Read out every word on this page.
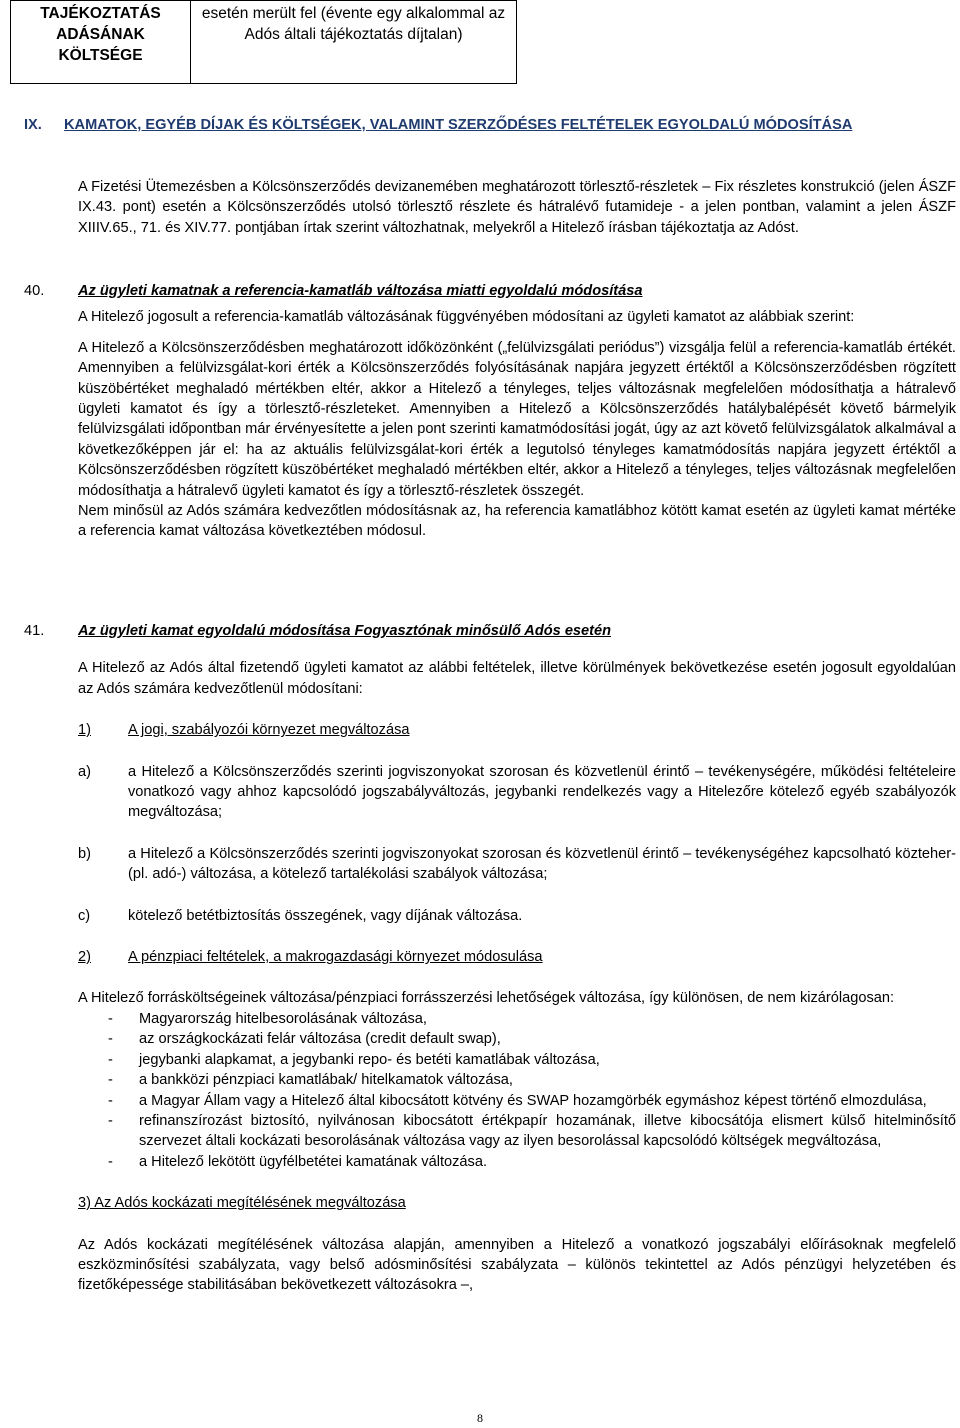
TAJÉKOZTATÁS ADÁSÁNAK KÖLTSÉGE	esetén merült fel (évente egy alkalommal az Adós általi tájékoztatás díjtalan)
IX. KAMATOK, EGYÉB DÍJAK ÉS KÖLTSÉGEK, VALAMINT SZERZŐDÉSES FELTÉTELEK EGYOLDALÚ MÓDOSÍTÁSA
A Fizetési Ütemezésben a Kölcsönszerződés devizanemében meghatározott törlesztő-részletek – Fix részletes konstrukció (jelen ÁSZF IX.43. pont) esetén a Kölcsönszerződés utolsó törlesztő részlete és hátralévő futamideje - a jelen pontban, valamint a jelen ÁSZF XIIIV.65., 71. és XIV.77. pontjában írtak szerint változhatnak, melyekről a Hitelező írásban tájékoztatja az Adóst.
40. Az ügyleti kamatnak a referencia-kamatláb változása miatti egyoldalú módosítása

A Hitelező jogosult a referencia-kamatláb változásának függvényében módosítani az ügyleti kamatot az alábbiak szerint:

A Hitelező a Kölcsönszerződésben meghatározott időközönként („felülvizsgálati periódus”) vizsgálja felül a referencia-kamatláb értékét. Amennyiben a felülvizsgálat-kori érték a Kölcsönszerződés folyósításának napjára jegyzett értéktől a Kölcsönszerződésben rögzített küszöbértéket meghaladó mértékben eltér, akkor a Hitelező a tényleges, teljes változásnak megfelelően módosíthatja a hátralevő ügyleti kamatot és így a törlesztő-részleteket. Amennyiben a Hitelező a Kölcsönszerződés hatálybalépését követő bármelyik felülvizsgálati időpontban már érvényesítette a jelen pont szerinti kamatmódosítási jogát, úgy az azt követő felülvizsgálatok alkalmával a következőképpen jár el: ha az aktuális felülvizsgálat-kori érték a legutolsó tényleges kamatmódosítás napjára jegyzett értéktől a Kölcsönszerződésben rögzített küszöbértéket meghaladó mértékben eltér, akkor a Hitelező a tényleges, teljes változásnak megfelelően módosíthatja a hátralevő ügyleti kamatot és így a törlesztő-részletek összegét.

Nem minősül az Adós számára kedvezőtlen módosításnak az, ha referencia kamatlábhoz kötött kamat esetén az ügyleti kamat mértéke a referencia kamat változása következtében módosul.

41. Az ügyleti kamat egyoldalú módosítása Fogyasztónak minősülő Adós esetén

A Hitelező az Adós által fizetendő ügyleti kamatot az alábbi feltételek, illetve körülmények bekövetkezése esetén jogosult egyoldalúan az Adós számára kedvezőtlenül módosítani:

1)	A jogi, szabályozói környezet megváltozása
a)	a Hitelező a Kölcsönszerződés szerinti jogviszonyokat szorosan és közvetlenül érintő – tevékenységére, működési feltételeire vonatkozó vagy ahhoz kapcsolódó jogszabályváltozás, jegybanki rendelkezés vagy a Hitelezőre kötelező egyéb szabályozók megváltozása;
b)	a Hitelező a Kölcsönszerződés szerinti jogviszonyokat szorosan és közvetlenül érintő – tevékenységéhez kapcsolható közteher- (pl. adó-) változása, a kötelező tartalékolási szabályok változása;
c)	kötelező betétbiztosítás összegének, vagy díjának változása.
2)	A pénzpiaci feltételek, a makrogazdasági környezet módosulása

A Hitelező forrásköltségeinek változása/pénzpiaci forrásszerzési lehetőségek változása, így különösen, de nem kizárólagosan:

-	Magyarország hitelbesorolásának változása,
-	az országkockázati felár változása (credit default swap),
-	jegybanki alapkamat, a jegybanki repo- és betéti kamatlábak változása,
-	a bankközi pénzpiaci kamatlábak/ hitelkamatok változása,
-	a Magyar Állam vagy a Hitelező által kibocsátott kötvény és SWAP hozamgörbék egymáshoz képest történő elmozdulása,
-	refinanszírozást biztosító, nyilvánosan kibocsátott értékpapír hozamának, illetve kibocsátója elismert külső hitelminősítő szervezet általi kockázati besorolásának változása vagy az ilyen besorolással kapcsolódó költségek megváltozása,
-	a Hitelező lekötött ügyfélbetétei kamatának változása.

3) Az Adós kockázati megítélésének megváltozása

Az Adós kockázati megítélésének változása alapján, amennyiben a Hitelező a vonatkozó jogszabályi előírásoknak megfelelő eszközminősítési szabályzata, vagy belső adósminősítési szabályzata – különös tekintettel az Adós pénzügyi helyzetében és fizetőképessége stabilitásában bekövetkezett változásokra –,

8
